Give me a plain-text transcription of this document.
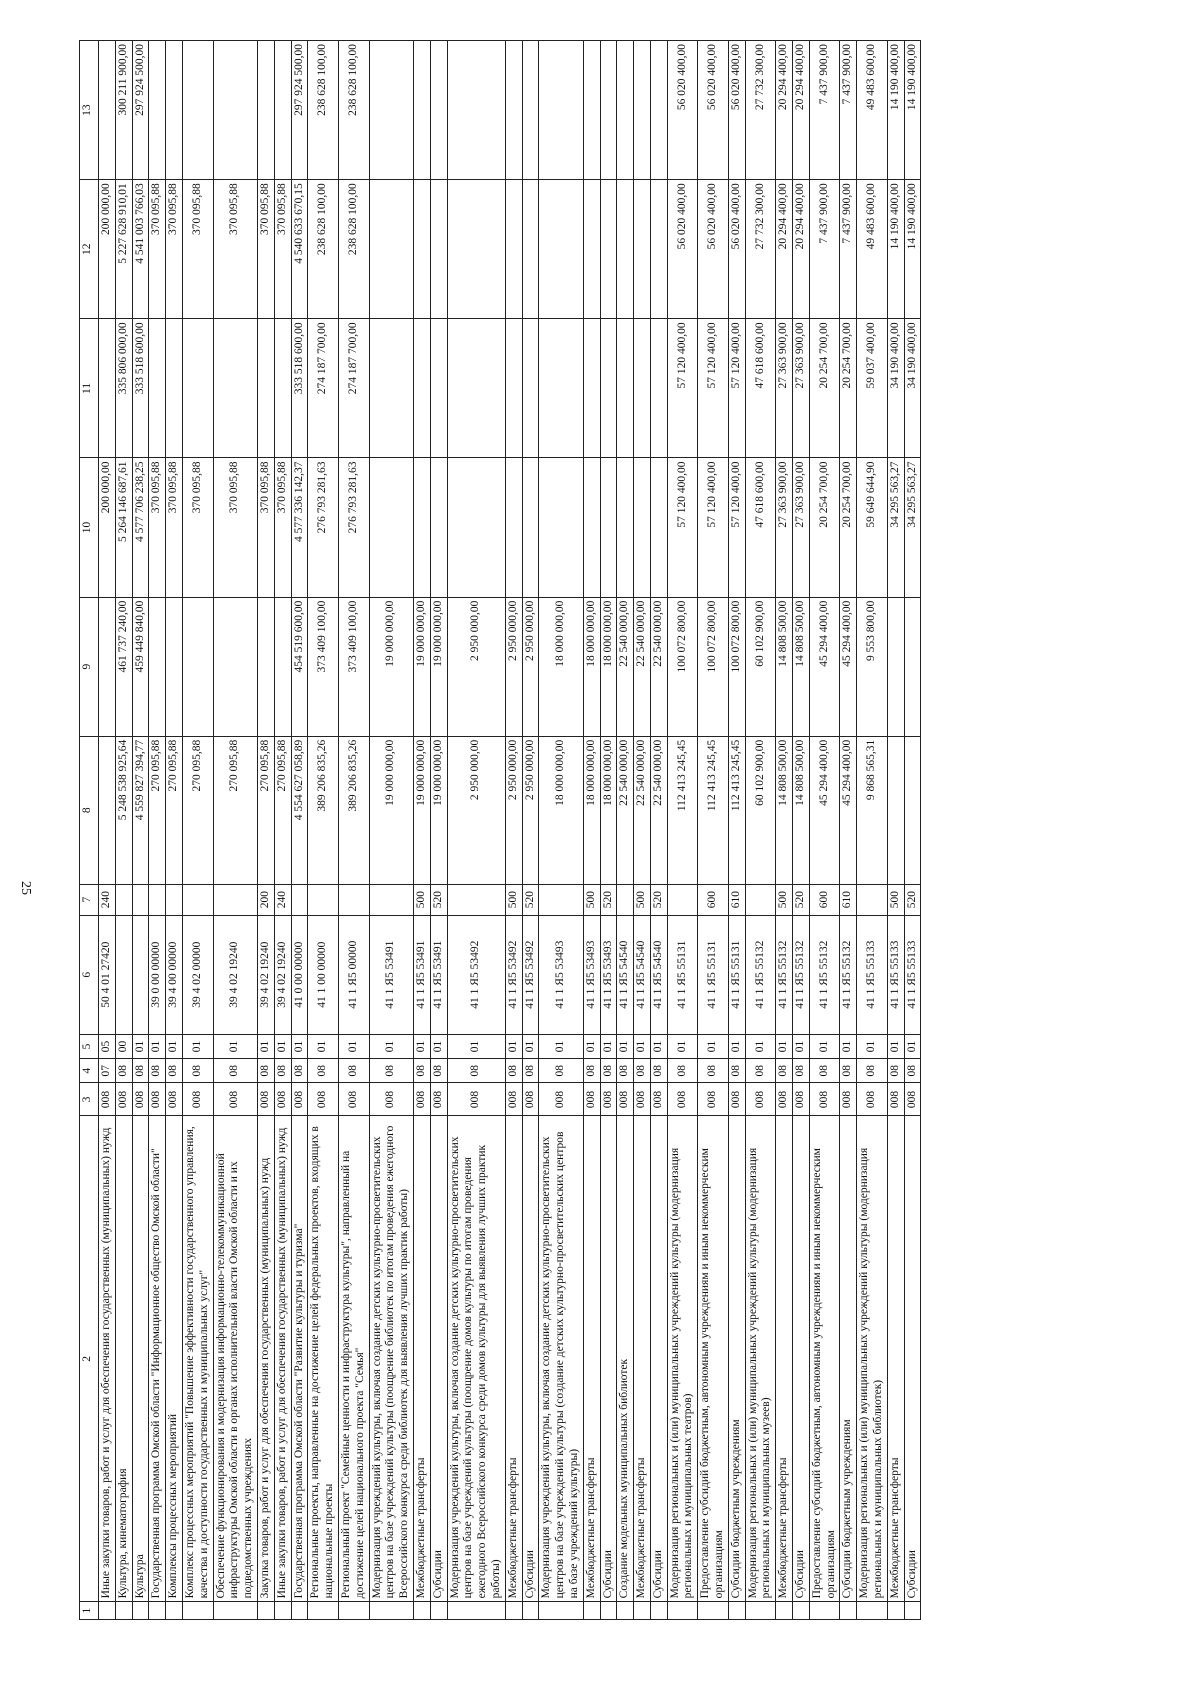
25
1	2	3	4	5	6	7	8	9	10	11	12	13
	Иные закупки товаров, работ и услуг для обеспечения государственных (муниципальных) нужд	008	07	05	50 4 01 27420	240			200 000,00		200 000,00	
	Культура, кинематография	008	08	00			5 248 538 925,64	461 737 240,00	5 264 146 687,61	335 806 000,00	5 227 628 910,01	300 211 900,00
	Культура	008	08	01			4 559 827 394,77	459 449 840,00	4 577 706 238,25	333 518 600,00	4 541 003 766,03	297 924 500,00
	Государственная программа Омской области "Информационное общество Омской области"	008	08	01	39 0 00 00000		270 095,88		370 095,88		370 095,88	
	Комплексы процессных мероприятий	008	08	01	39 4 00 00000		270 095,88		370 095,88		370 095,88	
	Комплекс процессных мероприятий "Повышение эффективности государственного управления, качества и доступности государственных и муниципальных услуг"	008	08	01	39 4 02 00000		270 095,88		370 095,88		370 095,88	
	Обеспечение функционирования и модернизация информационно-телекоммуникационной инфраструктуры Омской области в органах исполнительной власти Омской области и их подведомственных учреждениях	008	08	01	39 4 02 19240		270 095,88		370 095,88		370 095,88	
	Закупка товаров, работ и услуг для обеспечения государственных (муниципальных) нужд	008	08	01	39 4 02 19240	200	270 095,88		370 095,88		370 095,88	
	Иные закупки товаров, работ и услуг для обеспечения государственных (муниципальных) нужд	008	08	01	39 4 02 19240	240	270 095,88		370 095,88		370 095,88	
	Государственная программа Омской области "Развитие культуры и туризма"	008	08	01	41 0 00 00000		4 554 627 058,89	454 519 600,00	4 577 336 142,37	333 518 600,00	4 540 633 670,15	297 924 500,00
	Региональные проекты, направленные на достижение целей федеральных проектов, входящих в национальные проекты	008	08	01	41 1 00 00000		389 206 835,26	373 409 100,00	276 793 281,63	274 187 700,00	238 628 100,00	238 628 100,00
	Региональный проект "Семейные ценности и инфраструктура культуры", направленный на достижение целей национального проекта "Семья"	008	08	01	41 1 Я5 00000		389 206 835,26	373 409 100,00	276 793 281,63	274 187 700,00	238 628 100,00	238 628 100,00
	Модернизация учреждений культуры, включая создание детских культурно-просветительских центров на базе учреждений культуры (поощрение библиотек по итогам проведения ежегодного Всероссийского конкурса среди библиотек для выявления лучших практик работы)	008	08	01	41 1 Я5 53491		19 000 000,00	19 000 000,00				
	Межбюджетные трансферты	008	08	01	41 1 Я5 53491	500	19 000 000,00	19 000 000,00				
	Субсидии	008	08	01	41 1 Я5 53491	520	19 000 000,00	19 000 000,00				
	Модернизация учреждений культуры, включая создание детских культурно-просветительских центров на базе учреждений культуры (поощрение домов культуры по итогам проведения ежегодного Всероссийского конкурса среди домов культуры для выявления лучших практик работы)	008	08	01	41 1 Я5 53492		2 950 000,00	2 950 000,00				
	Межбюджетные трансферты	008	08	01	41 1 Я5 53492	500	2 950 000,00	2 950 000,00				
	Субсидии	008	08	01	41 1 Я5 53492	520	2 950 000,00	2 950 000,00				
	Модернизация учреждений культуры, включая создание детских культурно-просветительских центров на базе учреждений культуры (создание детских культурно-просветительских центров на базе учреждений культуры)	008	08	01	41 1 Я5 53493		18 000 000,00	18 000 000,00				
	Межбюджетные трансферты	008	08	01	41 1 Я5 53493	500	18 000 000,00	18 000 000,00				
	Субсидии	008	08	01	41 1 Я5 53493	520	18 000 000,00	18 000 000,00				
	Создание модельных муниципальных библиотек	008	08	01	41 1 Я5 54540		22 540 000,00	22 540 000,00				
	Межбюджетные трансферты	008	08	01	41 1 Я5 54540	500	22 540 000,00	22 540 000,00				
	Субсидии	008	08	01	41 1 Я5 54540	520	22 540 000,00	22 540 000,00				
	Модернизация региональных и (или) муниципальных учреждений культуры (модернизация региональных и муниципальных театров)	008	08	01	41 1 Я5 55131		112 413 245,45	100 072 800,00	57 120 400,00	57 120 400,00	56 020 400,00	56 020 400,00
	Предоставление субсидий бюджетным, автономным учреждениям и иным некоммерческим организациям	008	08	01	41 1 Я5 55131	600	112 413 245,45	100 072 800,00	57 120 400,00	57 120 400,00	56 020 400,00	56 020 400,00
	Субсидии бюджетным учреждениям	008	08	01	41 1 Я5 55131	610	112 413 245,45	100 072 800,00	57 120 400,00	57 120 400,00	56 020 400,00	56 020 400,00
	Модернизация региональных и (или) муниципальных учреждений культуры (модернизация региональных и муниципальных музеев)	008	08	01	41 1 Я5 55132		60 102 900,00	60 102 900,00	47 618 600,00	47 618 600,00	27 732 300,00	27 732 300,00
	Межбюджетные трансферты	008	08	01	41 1 Я5 55132	500	14 808 500,00	14 808 500,00	27 363 900,00	27 363 900,00	20 294 400,00	20 294 400,00
	Субсидии	008	08	01	41 1 Я5 55132	520	14 808 500,00	14 808 500,00	27 363 900,00	27 363 900,00	20 294 400,00	20 294 400,00
	Предоставление субсидий бюджетным, автономным учреждениям и иным некоммерческим организациям	008	08	01	41 1 Я5 55132	600	45 294 400,00	45 294 400,00	20 254 700,00	20 254 700,00	7 437 900,00	7 437 900,00
	Субсидии бюджетным учреждениям	008	08	01	41 1 Я5 55132	610	45 294 400,00	45 294 400,00	20 254 700,00	20 254 700,00	7 437 900,00	7 437 900,00
	Модернизация региональных и (или) муниципальных учреждений культуры (модернизация региональных и муниципальных библиотек)	008	08	01	41 1 Я5 55133		9 868 565,31	9 553 800,00	59 649 644,90	59 037 400,00	49 483 600,00	49 483 600,00
	Межбюджетные трансферты	008	08	01	41 1 Я5 55133	500			34 295 563,27	34 190 400,00	14 190 400,00	14 190 400,00
	Субсидии	008	08	01	41 1 Я5 55133	520			34 295 563,27	34 190 400,00	14 190 400,00	14 190 400,00
